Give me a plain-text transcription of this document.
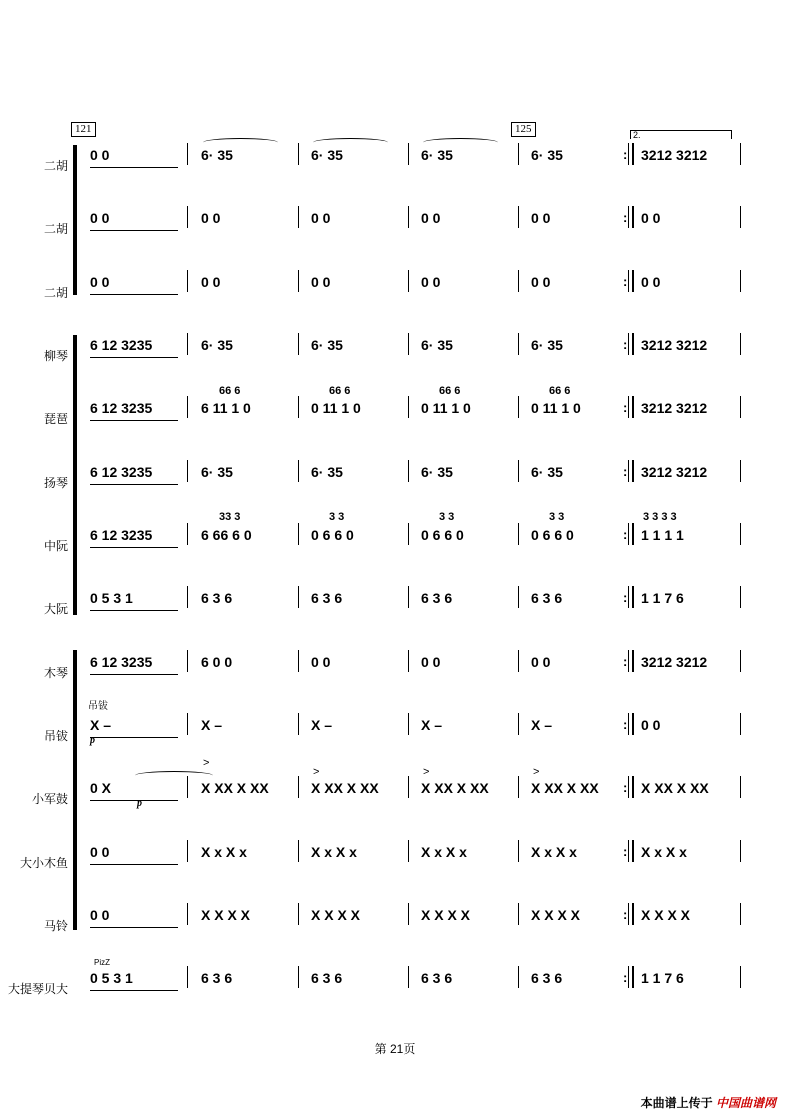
121	125	2.
二胡
0 0	6· 35	6· 35	6· 35	6· 35	3212 3212
:
二胡
0 0	0 0	0 0	0 0	0 0	0 0
:
二胡
0 0	0 0	0 0	0 0	0 0	0 0
:
柳琴
6 12 3235	6· 35	6· 35	6· 35	6· 35	3212 3212
:
琵琶
6 12 3235	6 11 1 0	0 11 1 0	0 11 1 0	0 11 1 0	3212 3212
:
扬琴
6 12 3235	6· 35	6· 35	6· 35	6· 35	3212 3212
:
中阮
6 12 3235	6 66 6 0	0 6 6 0	0 6 6 0	0 6 6 0	1 1 1 1
:
大阮
0 5 3 1	6 3 6	6 3 6	6 3 6	6 3 6	1 1 7 6
:
木琴
6 12 3235	6 0 0	0 0	0 0	0 0	3212 3212
:
吊钹
X –	X –	X –	X –	X –	0 0
:
小军鼓
0 X	X XX X XX	X XX X XX	X XX X XX	X XX X XX	X XX X XX
:
大小木鱼
0 0	X x X x	X x X x	X x X x	X x X x	X x X x
:
马铃
0 0	X X X X	X X X X	X X X X	X X X X	X X X X
:
大提琴贝大
0 5 3 1	6 3 6	6 3 6	6 3 6	6 3 6	1 1 7 6
:
66 6	66 6	66 6	66 6
33 3	3 3	3 3	3 3	3 3 3 3
吊钹
p
p
PizZ
>
>	>	>
第 21页
本曲谱上传于 中国曲谱网
